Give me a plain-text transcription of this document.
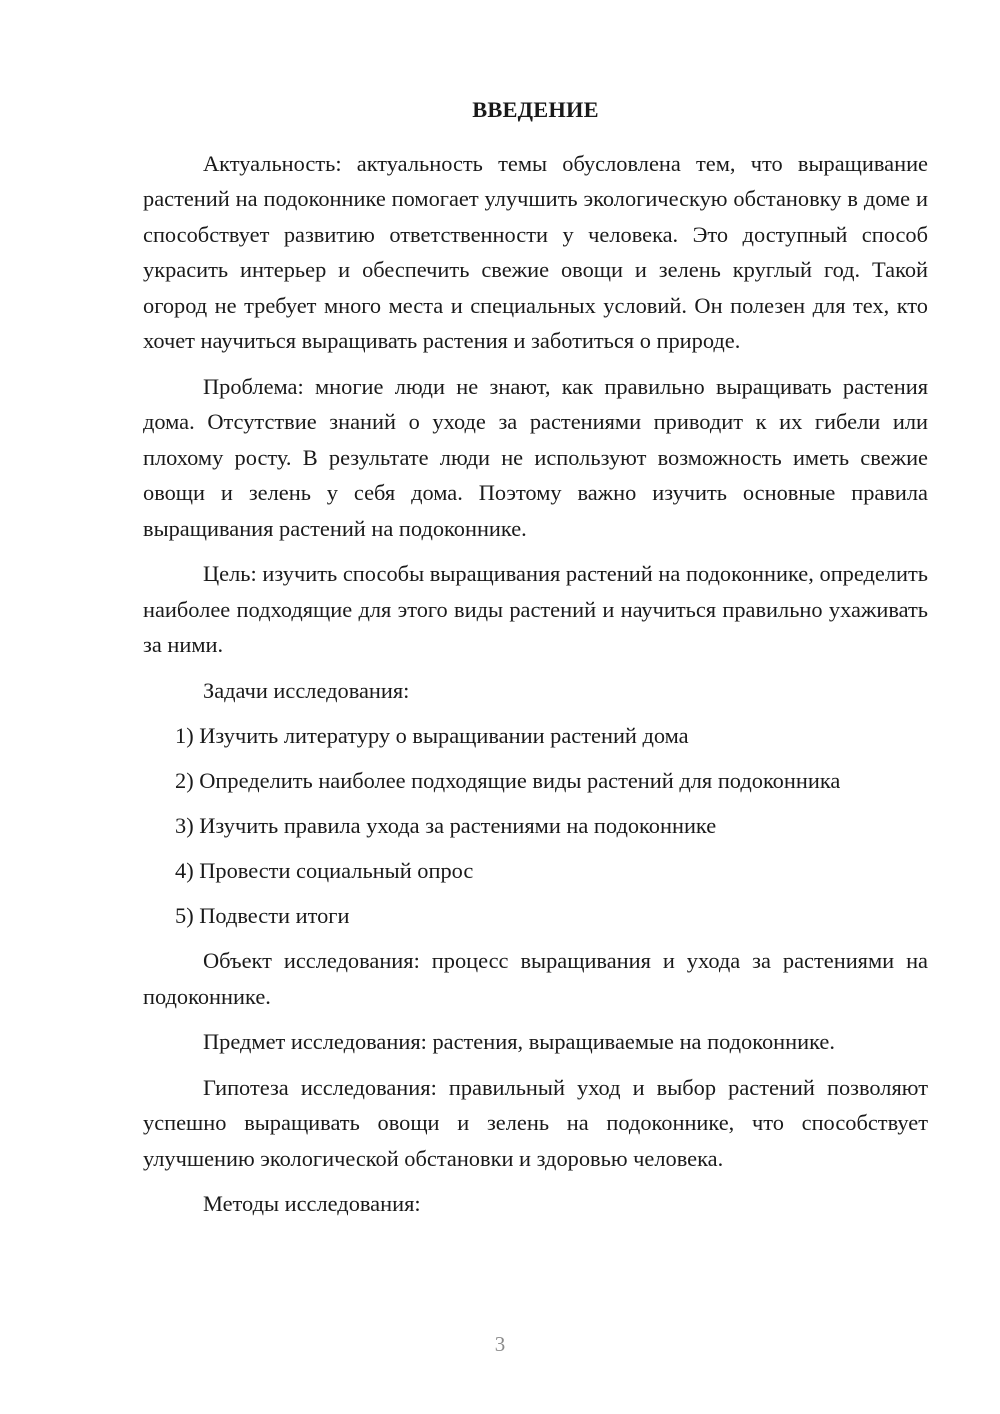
ВВЕДЕНИЕ

Актуальность: актуальность темы обусловлена тем, что выращивание растений на подоконнике помогает улучшить экологическую обстановку в доме и способствует развитию ответственности у человека. Это доступный способ украсить интерьер и обеспечить свежие овощи и зелень круглый год. Такой огород не требует много места и специальных условий. Он полезен для тех, кто хочет научиться выращивать растения и заботиться о природе.

Проблема: многие люди не знают, как правильно выращивать растения дома. Отсутствие знаний о уходе за растениями приводит к их гибели или плохому росту. В результате люди не используют возможность иметь свежие овощи и зелень у себя дома. Поэтому важно изучить основные правила выращивания растений на подоконнике.

Цель: изучить способы выращивания растений на подоконнике, определить наиболее подходящие для этого виды растений и научиться правильно ухаживать за ними.

Задачи исследования:

1) Изучить литературу о выращивании растений дома
2) Определить наиболее подходящие виды растений для подоконника
3) Изучить правила ухода за растениями на подоконнике
4) Провести социальный опрос
5) Подвести итоги

Объект исследования: процесс выращивания и ухода за растениями на подоконнике.

Предмет исследования: растения, выращиваемые на подоконнике.

Гипотеза исследования: правильный уход и выбор растений позволяют успешно выращивать овощи и зелень на подоконнике, что способствует улучшению экологической обстановки и здоровью человека.

Методы исследования:

3
